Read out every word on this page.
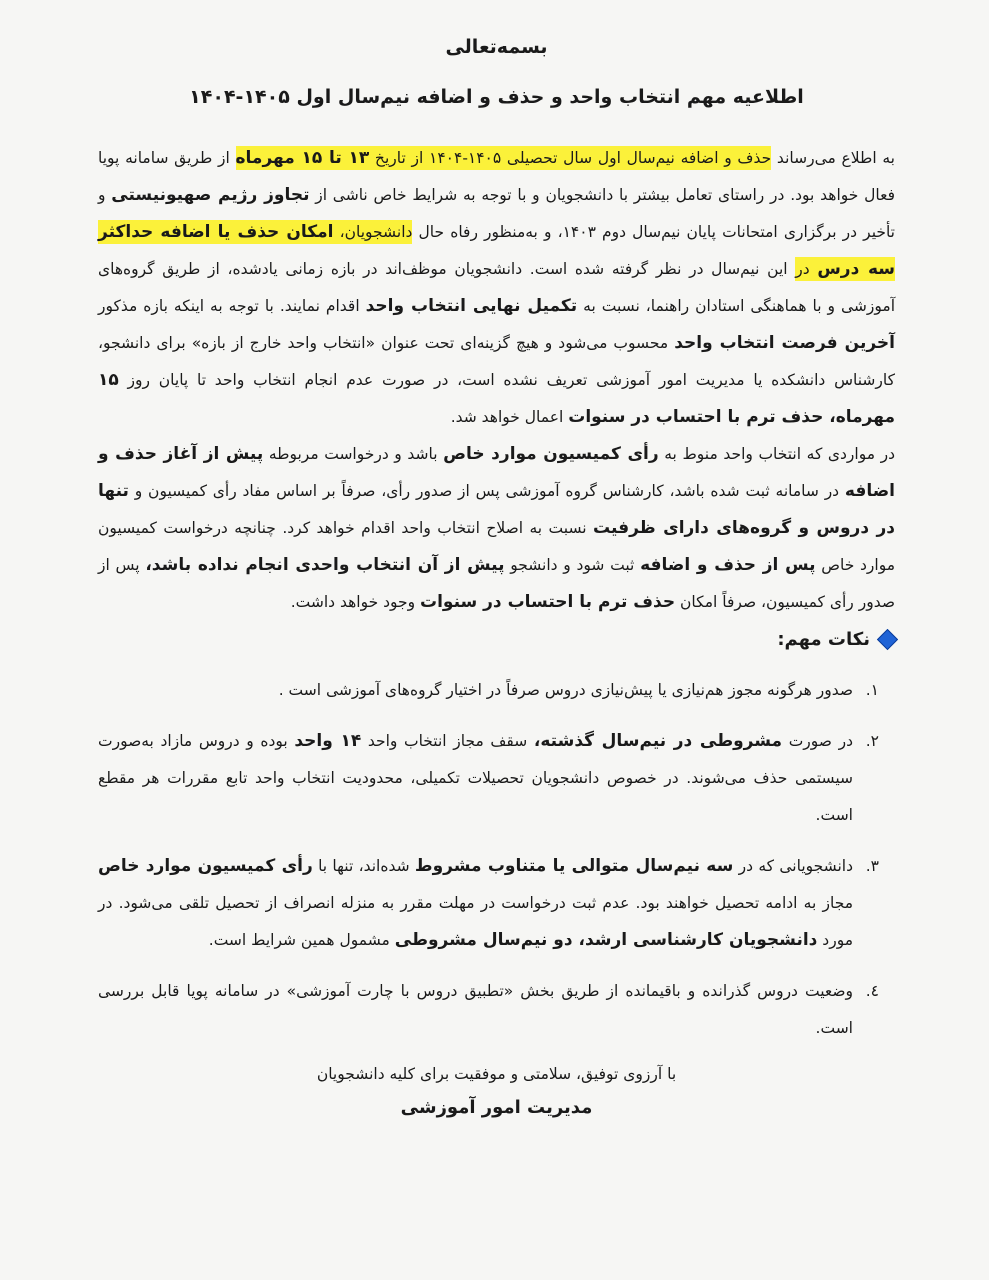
بسمه‌تعالی
اطلاعیه مهم انتخاب واحد و حذف و اضافه نیم‌سال اول ۱۴۰۵-۱۴۰۴

به اطلاع می‌رساند حذف و اضافه نیم‌سال اول سال تحصیلی ۱۴۰۵-۱۴۰۴ از تاریخ ۱۳ تا ۱۵ مهرماه از طریق سامانه پویا فعال خواهد بود. در راستای تعامل بیشتر با دانشجویان و با توجه به شرایط خاص ناشی از تجاوز رژیم صهیونیستی و تأخیر در برگزاری امتحانات پایان نیم‌سال دوم ۱۴۰۳، و به‌منظور رفاه حال دانشجویان، امکان حذف یا اضافه حداکثر سه درس در این نیم‌سال در نظر گرفته شده است. دانشجویان موظف‌اند در بازه زمانی یادشده، از طریق گروه‌های آموزشی و با هماهنگی استادان راهنما، نسبت به تکمیل نهایی انتخاب واحد اقدام نمایند. با توجه به اینکه بازه مذکور آخرین فرصت انتخاب واحد محسوب می‌شود و هیچ گزینه‌ای تحت عنوان «انتخاب واحد خارج از بازه» برای دانشجو، کارشناس دانشکده یا مدیریت امور آموزشی تعریف نشده است، در صورت عدم انجام انتخاب واحد تا پایان روز ۱۵ مهرماه، حذف ترم با احتساب در سنوات اعمال خواهد شد.

در مواردی که انتخاب واحد منوط به رأی کمیسیون موارد خاص باشد و درخواست مربوطه پیش از آغاز حذف و اضافه در سامانه ثبت شده باشد، کارشناس گروه آموزشی پس از صدور رأی، صرفاً بر اساس مفاد رأی کمیسیون و تنها در دروس و گروه‌های دارای ظرفیت نسبت به اصلاح انتخاب واحد اقدام خواهد کرد. چنانچه درخواست کمیسیون موارد خاص پس از حذف و اضافه ثبت شود و دانشجو پیش از آن انتخاب واحدی انجام نداده باشد، پس از صدور رأی کمیسیون، صرفاً امکان حذف ترم با احتساب در سنوات وجود خواهد داشت.

نکات مهم:
۱.
صدور هرگونه مجوز هم‌نیازی یا پیش‌نیازی دروس صرفاً در اختیار گروه‌های آموزشی است .
۲.
در صورت مشروطی در نیم‌سال گذشته، سقف مجاز انتخاب واحد ۱۴ واحد بوده و دروس مازاد به‌صورت سیستمی حذف می‌شوند. در خصوص دانشجویان تحصیلات تکمیلی، محدودیت انتخاب واحد تابع مقررات هر مقطع است.
۳.
دانشجویانی که در سه نیم‌سال متوالی یا متناوب مشروط شده‌اند، تنها با رأی کمیسیون موارد خاص مجاز به ادامه تحصیل خواهند بود. عدم ثبت درخواست در مهلت مقرر به منزله انصراف از تحصیل تلقی می‌شود. در مورد دانشجویان کارشناسی ارشد، دو نیم‌سال مشروطی مشمول همین شرایط است.
٤.
وضعیت دروس گذرانده و باقیمانده از طریق بخش «تطبیق دروس با چارت آموزشی» در سامانه پویا قابل بررسی است.
با آرزوی توفیق، سلامتی و موفقیت برای کلیه دانشجویان
مدیریت امور آموزشی
